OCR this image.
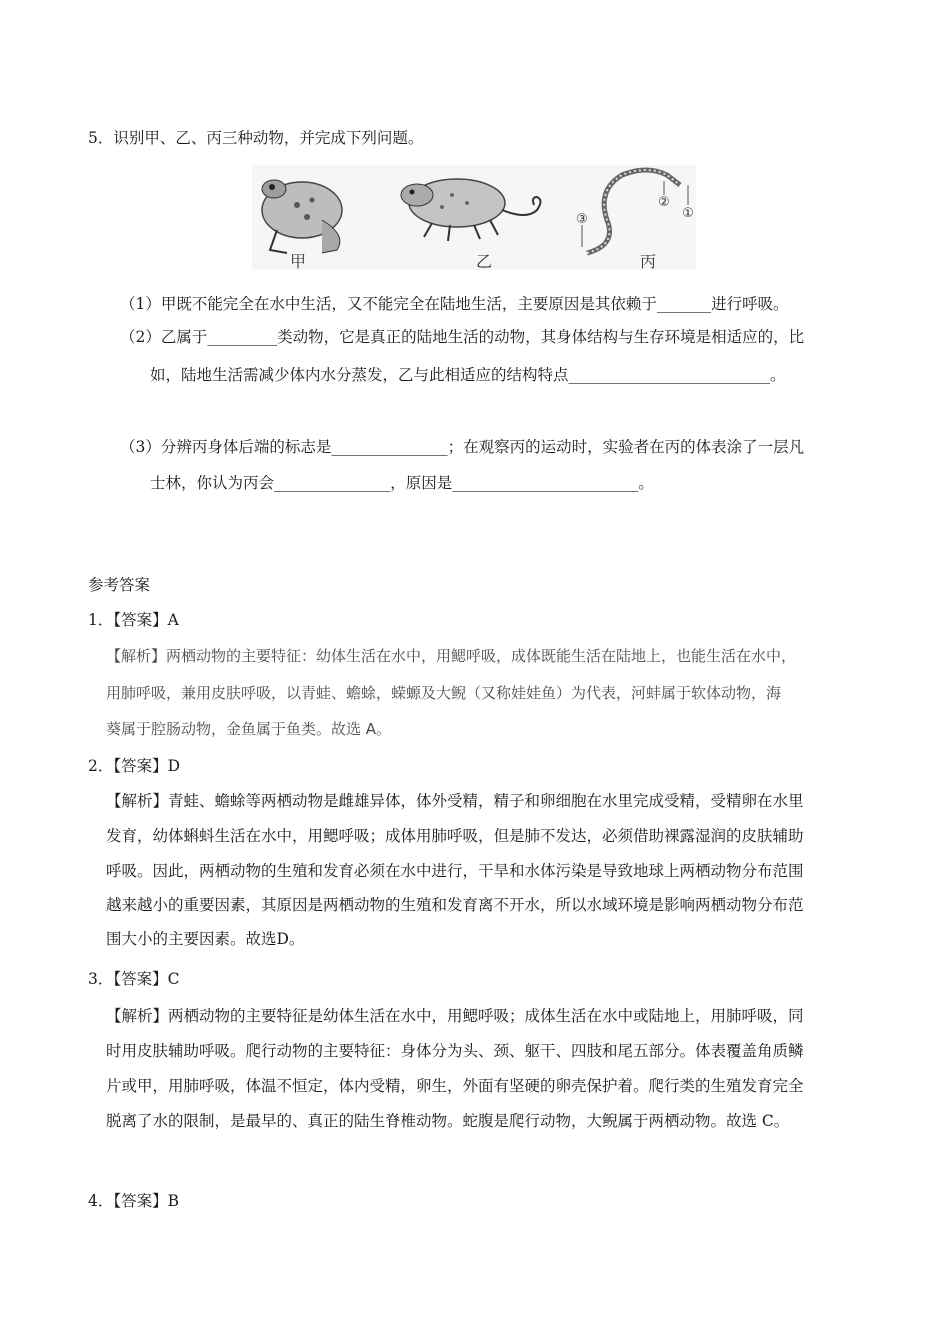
5．识别甲、乙、丙三种动物，并完成下列问题。
①
②
③
甲	乙	丙
（1）甲既不能完全在水中生活，又不能完全在陆地生活，主要原因是其依赖于_______进行呼吸。
（2）乙属于_________类动物，它是真正的陆地生活的动物，其身体结构与生存环境是相适应的，比
如，陆地生活需减少体内水分蒸发，乙与此相适应的结构特点__________________________。
（3）分辨丙身体后端的标志是_______________；在观察丙的运动时，实验者在丙的体表涂了一层凡
士林，你认为丙会_______________，原因是________________________。
参考答案
1．【答案】A
【解析】两栖动物的主要特征：幼体生活在水中，用鳃呼吸，成体既能生活在陆地上，也能生活在水中，
用肺呼吸，兼用皮肤呼吸，以青蛙、蟾蜍，蝾螈及大鲵（又称娃娃鱼）为代表，河蚌属于软体动物，海
葵属于腔肠动物，金鱼属于鱼类。故选 A。
2．【答案】D
【解析】青蛙、蟾蜍等两栖动物是雌雄异体，体外受精，精子和卵细胞在水里完成受精，受精卵在水里
发育，幼体蝌蚪生活在水中，用鳃呼吸；成体用肺呼吸，但是肺不发达，必须借助裸露湿润的皮肤辅助
呼吸。因此，两栖动物的生殖和发育必须在水中进行，干旱和水体污染是导致地球上两栖动物分布范围
越来越小的重要因素，其原因是两栖动物的生殖和发育离不开水，所以水域环境是影响两栖动物分布范
围大小的主要因素。故选D。
3．【答案】C
【解析】两栖动物的主要特征是幼体生活在水中，用鳃呼吸；成体生活在水中或陆地上，用肺呼吸，同
时用皮肤辅助呼吸。爬行动物的主要特征：身体分为头、颈、躯干、四肢和尾五部分。体表覆盖角质鳞
片或甲，用肺呼吸，体温不恒定，体内受精，卵生，外面有坚硬的卵壳保护着。爬行类的生殖发育完全
脱离了水的限制，是最早的、真正的陆生脊椎动物。蛇腹是爬行动物，大鲵属于两栖动物。故选 C。
4．【答案】B
